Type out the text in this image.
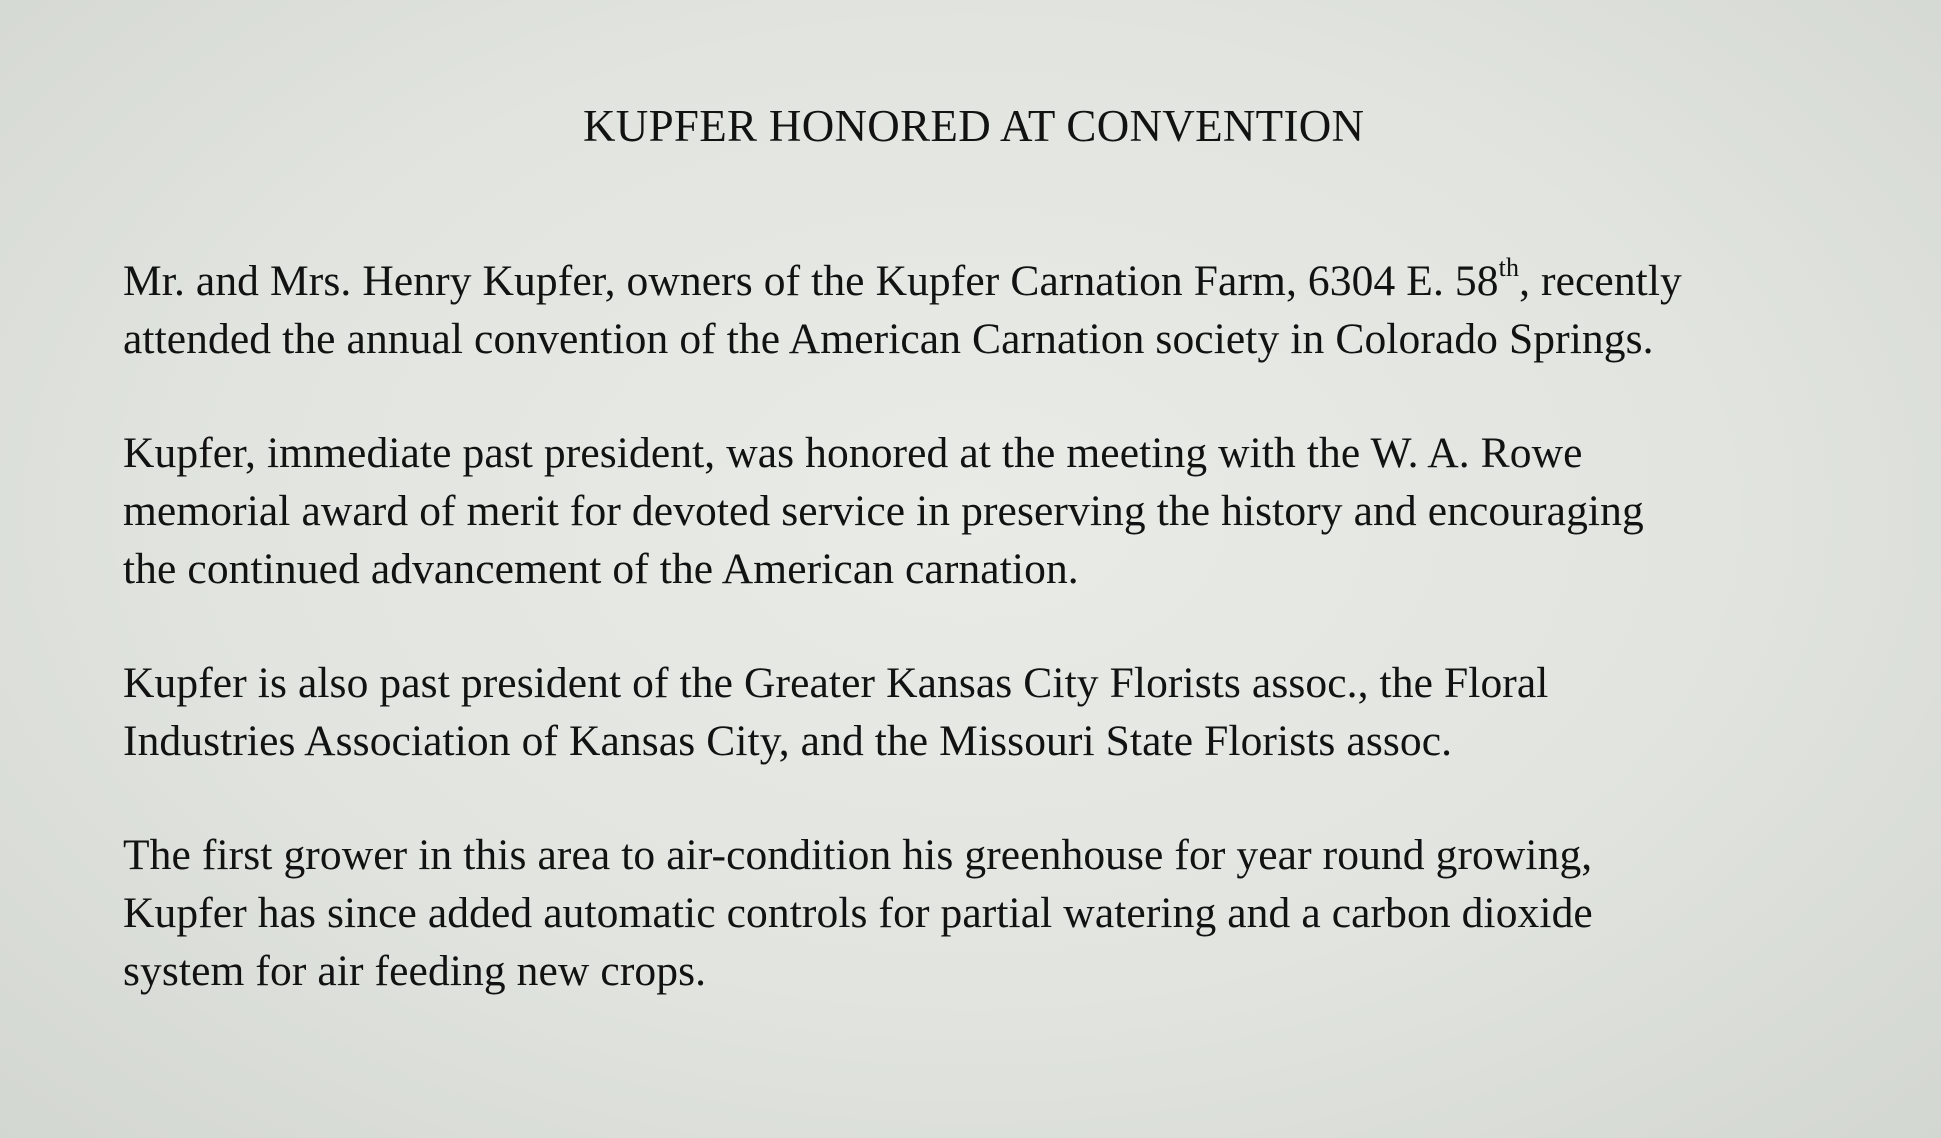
KUPFER HONORED AT CONVENTION

Mr. and Mrs. Henry Kupfer, owners of the Kupfer Carnation Farm, 6304 E. 58th, recently
attended the annual convention of the American Carnation society in Colorado Springs.

Kupfer, immediate past president, was honored at the meeting with the W. A. Rowe
memorial award of merit for devoted service in preserving the history and encouraging
the continued advancement of the American carnation.

Kupfer is also past president of the Greater Kansas City Florists assoc., the Floral
Industries Association of Kansas City, and the Missouri State Florists assoc.

The first grower in this area to air-condition his greenhouse for year round growing,
Kupfer has since added automatic controls for partial watering and a carbon dioxide
system for air feeding new crops.
